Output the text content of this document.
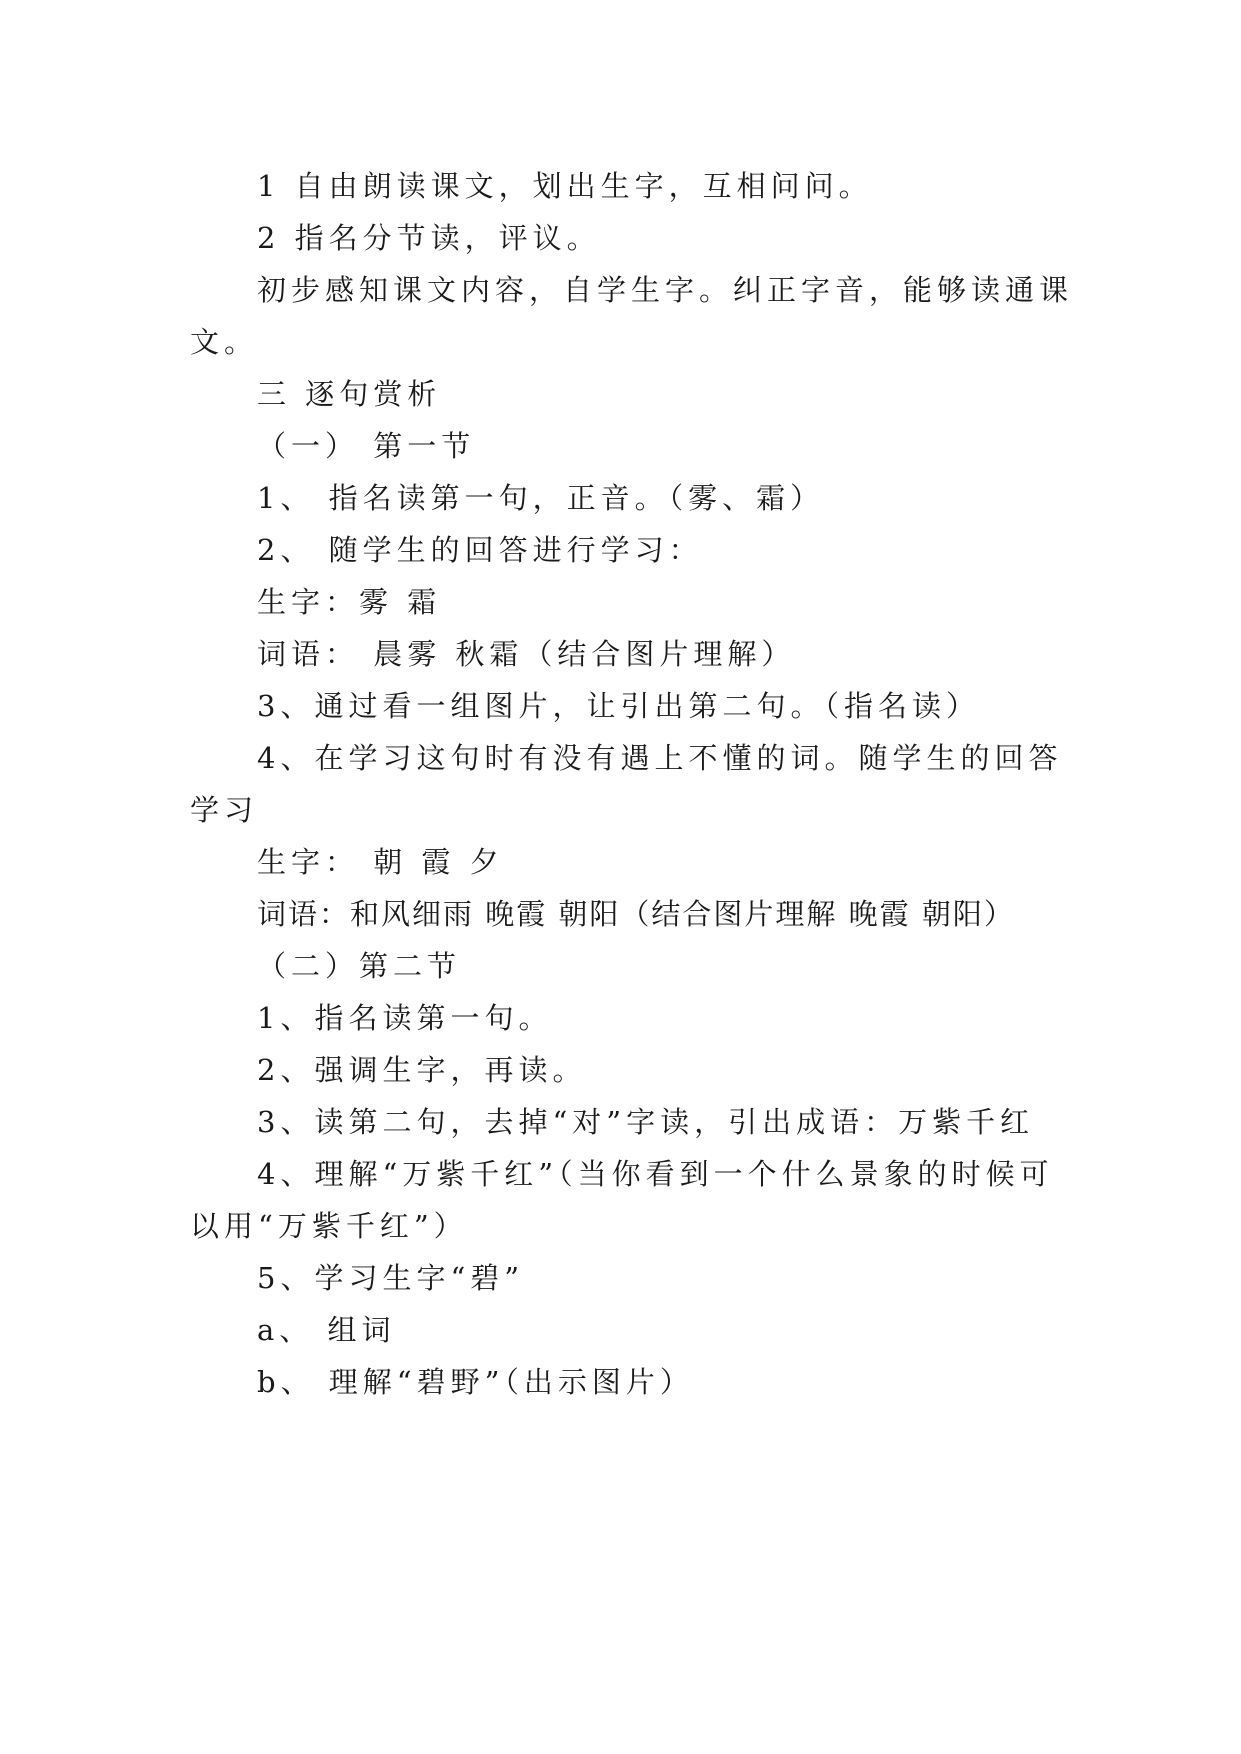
1 自由朗读课文，划出生字，互相问问。
2 指名分节读，评议。
初步感知课文内容，自学生字。纠正字音，能够读通课
文。
三 逐句赏析
（一） 第一节
1、 指名读第一句，正音。（雾、霜）
2、 随学生的回答进行学习：
生字：雾 霜
词语： 晨雾 秋霜（结合图片理解）
3、通过看一组图片，让引出第二句。（指名读）
4、在学习这句时有没有遇上不懂的词。随学生的回答
学习
生字： 朝 霞 夕
词语：和风细雨 晚霞 朝阳（结合图片理解 晚霞 朝阳）
（二）第二节
1、指名读第一句。
2、强调生字，再读。
3、读第二句，去掉“对”字读，引出成语：万紫千红
4、理解“万紫千红”（当你看到一个什么景象的时候可
以用“万紫千红”）
5、学习生字“碧”
a、 组词
b、 理解“碧野”（出示图片）
